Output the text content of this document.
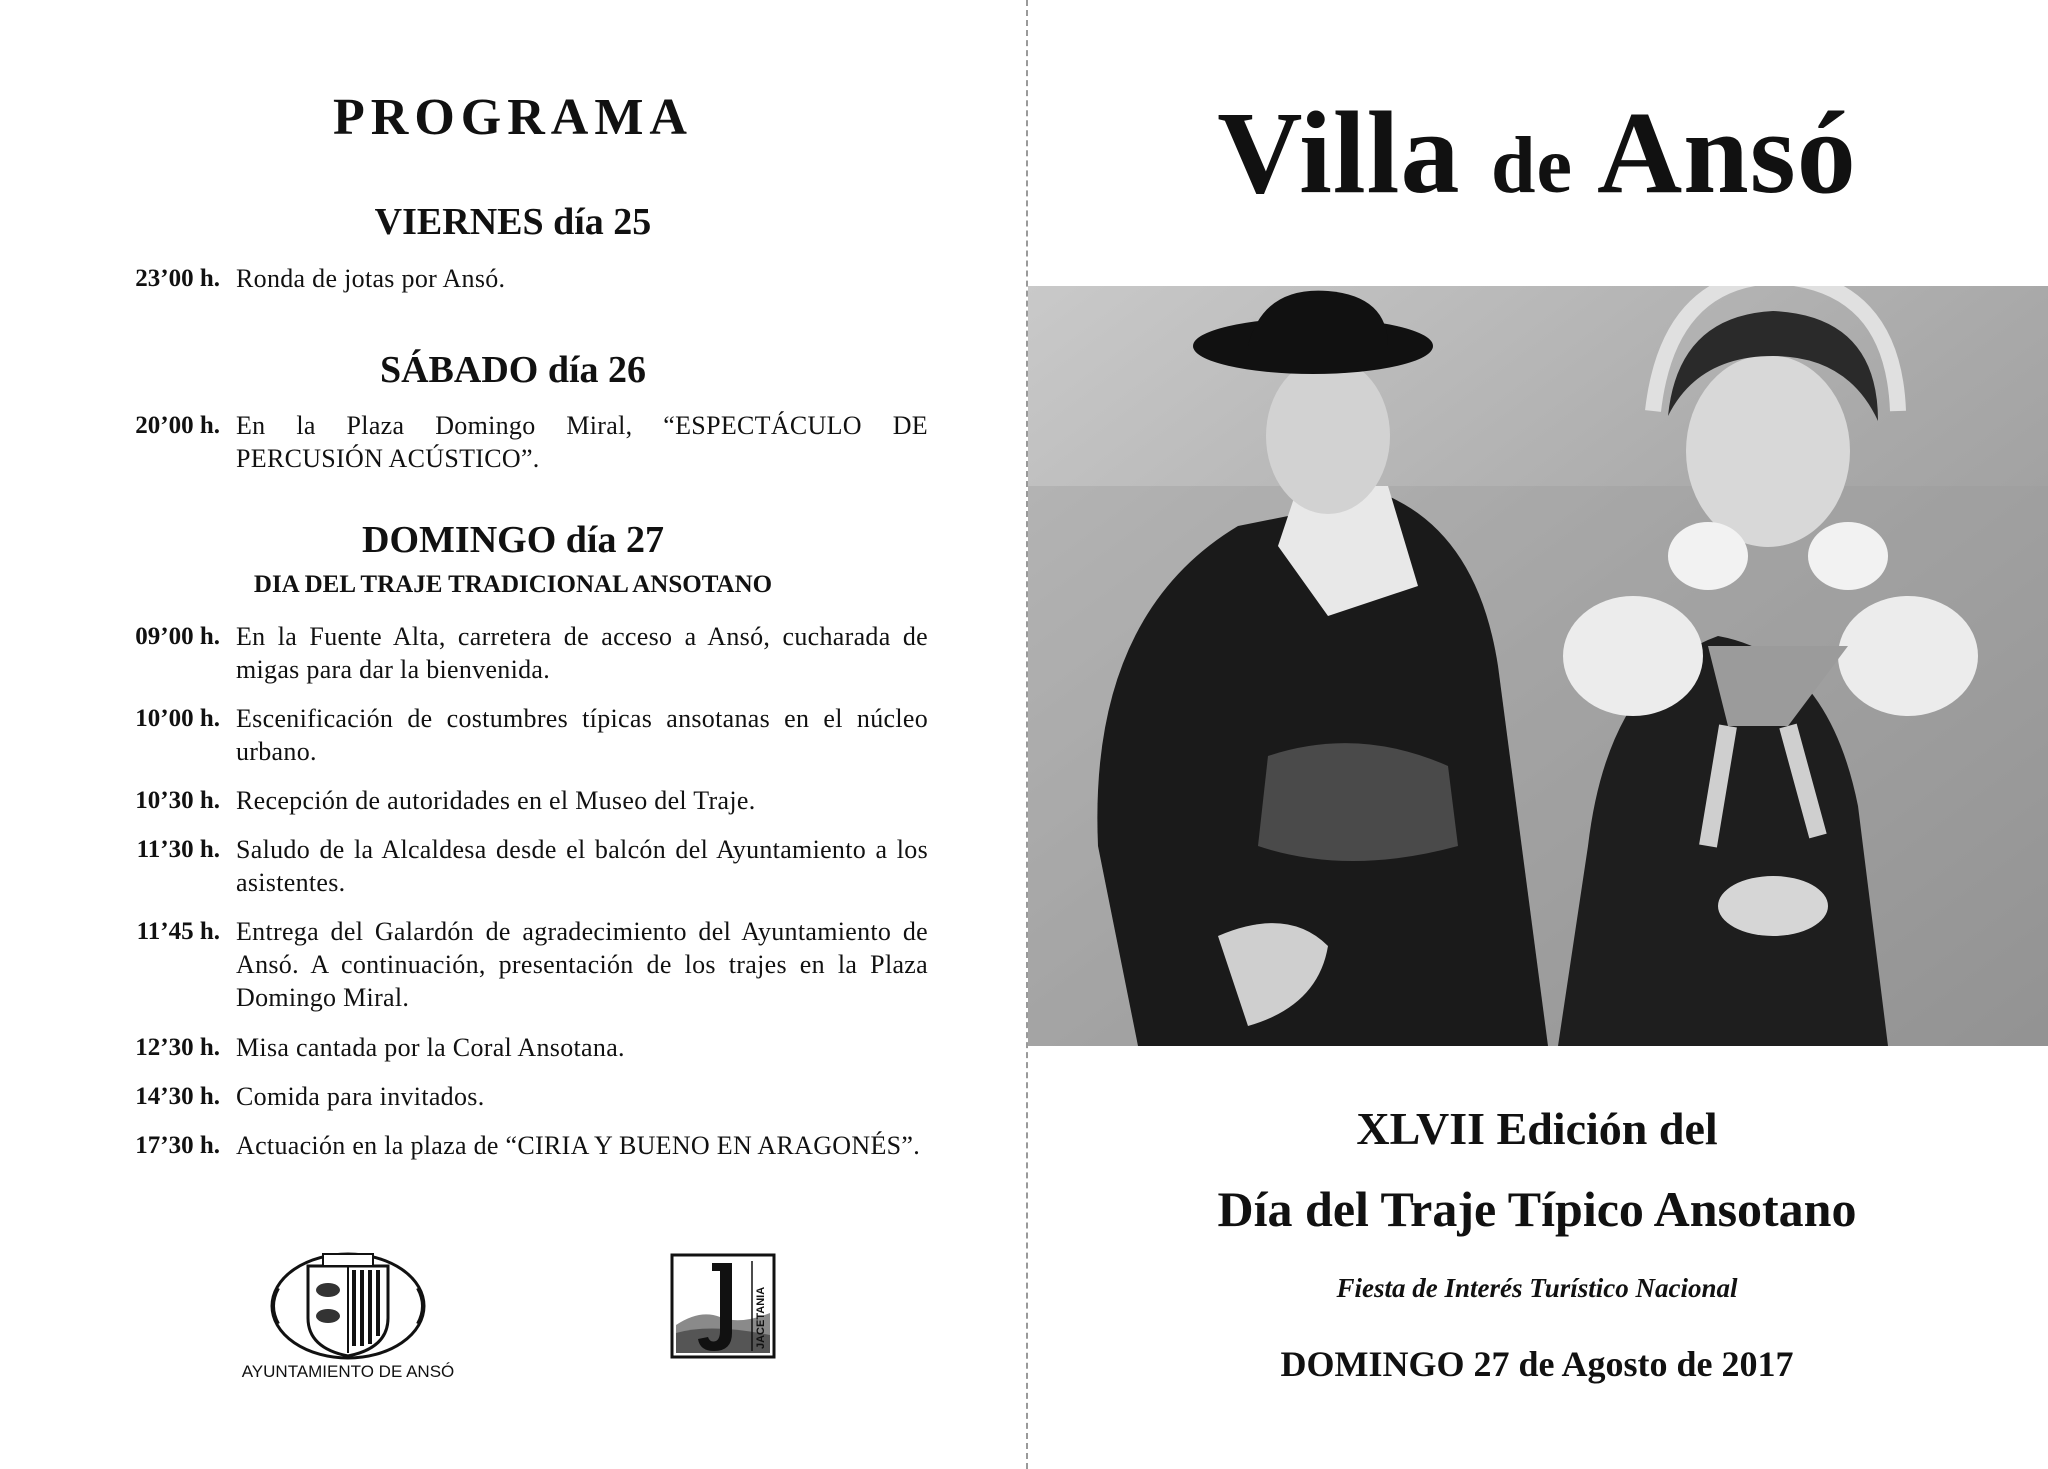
PROGRAMA
VIERNES día 25
23’00 h. Ronda de jotas por Ansó.
SÁBADO día 26
20’00 h. En la Plaza Domingo Miral, “ESPECTÁCULO DE PERCUSIÓN ACÚSTICO”.
DOMINGO día 27
DIA DEL TRAJE TRADICIONAL ANSOTANO
09’00 h. En la Fuente Alta, carretera de acceso a Ansó, cucharada de migas para dar la bienvenida.
10’00 h. Escenificación de costumbres típicas ansotanas en el núcleo urbano.
10’30 h. Recepción de autoridades en el Museo del Traje.
11’30 h. Saludo de la Alcaldesa desde el balcón del Ayuntamiento a los asistentes.
11’45 h. Entrega del Galardón de agradecimiento del Ayuntamiento de Ansó. A continuación, presentación de los trajes en la Plaza Domingo Miral.
12’30 h. Misa cantada por la Coral Ansotana.
14’30 h. Comida para invitados.
17’30 h. Actuación en la plaza de “CIRIA Y BUENO EN ARAGONÉS”.
AYUNTAMIENTO DE ANSÓ
JACETANIA
Villa de Ansó
XLVII Edición del
Día del Traje Típico Ansotano
Fiesta de Interés Turístico Nacional
DOMINGO 27 de Agosto de 2017
